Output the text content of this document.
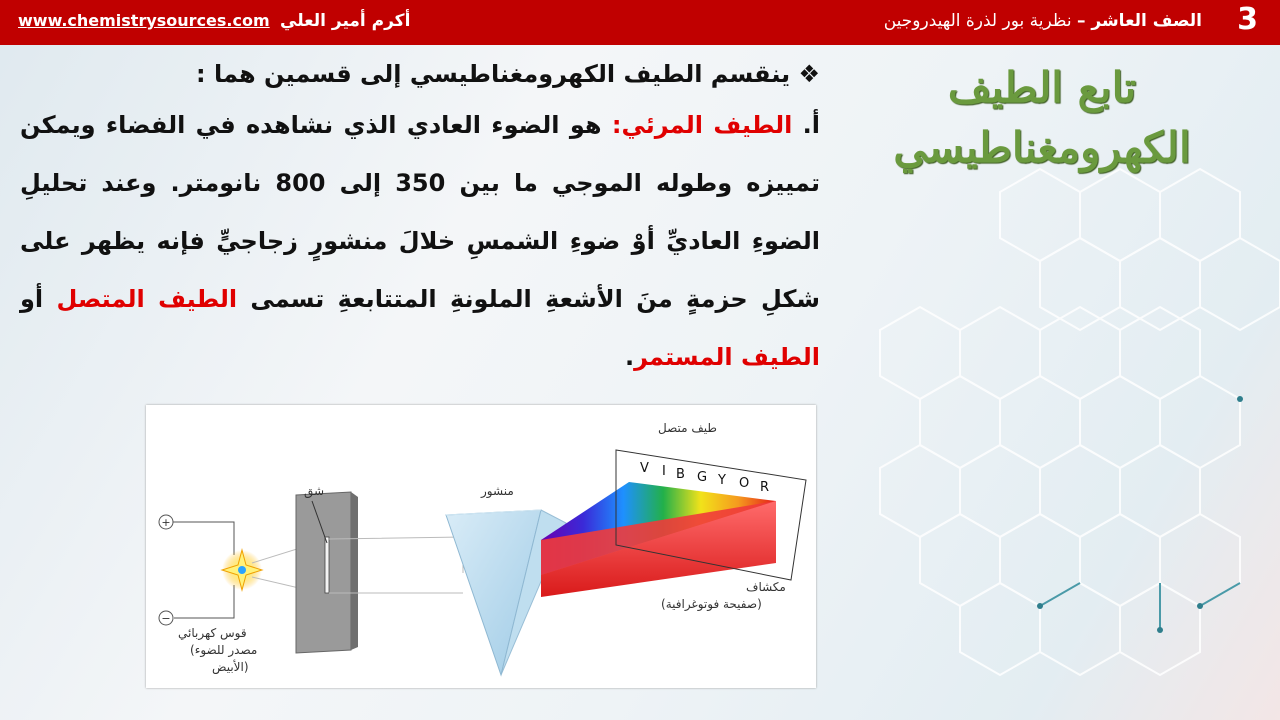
3
الصف العاشر – نظرية بور لذرة الهيدروجين
أكرم أمير العلي
www.chemistrysources.com
تابع الطيف
الكهرومغناطيسي

❖ ينقسم الطيف الكهرومغناطيسي إلى قسمين هما :

أ. الطيف المرئي: هو الضوء العادي الذي نشاهده في الفضاء ويمكن تمييزه وطوله الموجي ما بين 350 إلى 800 نانومتر. وعند تحليلِ الضوءِ العاديِّ أوْ ضوءِ الشمسِ خلالَ منشورٍ زجاجيٍّ فإنه يظهر على شكلِ حزمةٍ منَ الأشعةِ الملونةِ المتتابعةِ تسمى الطيف المتصل أو الطيف المستمر.

+
−
شق	منشور
V I B G Y O R
طيف متصل
مكشاف
(صفيحة فوتوغرافية)
قوس كهربائي
(مصدر للضوء
الأبيض)
